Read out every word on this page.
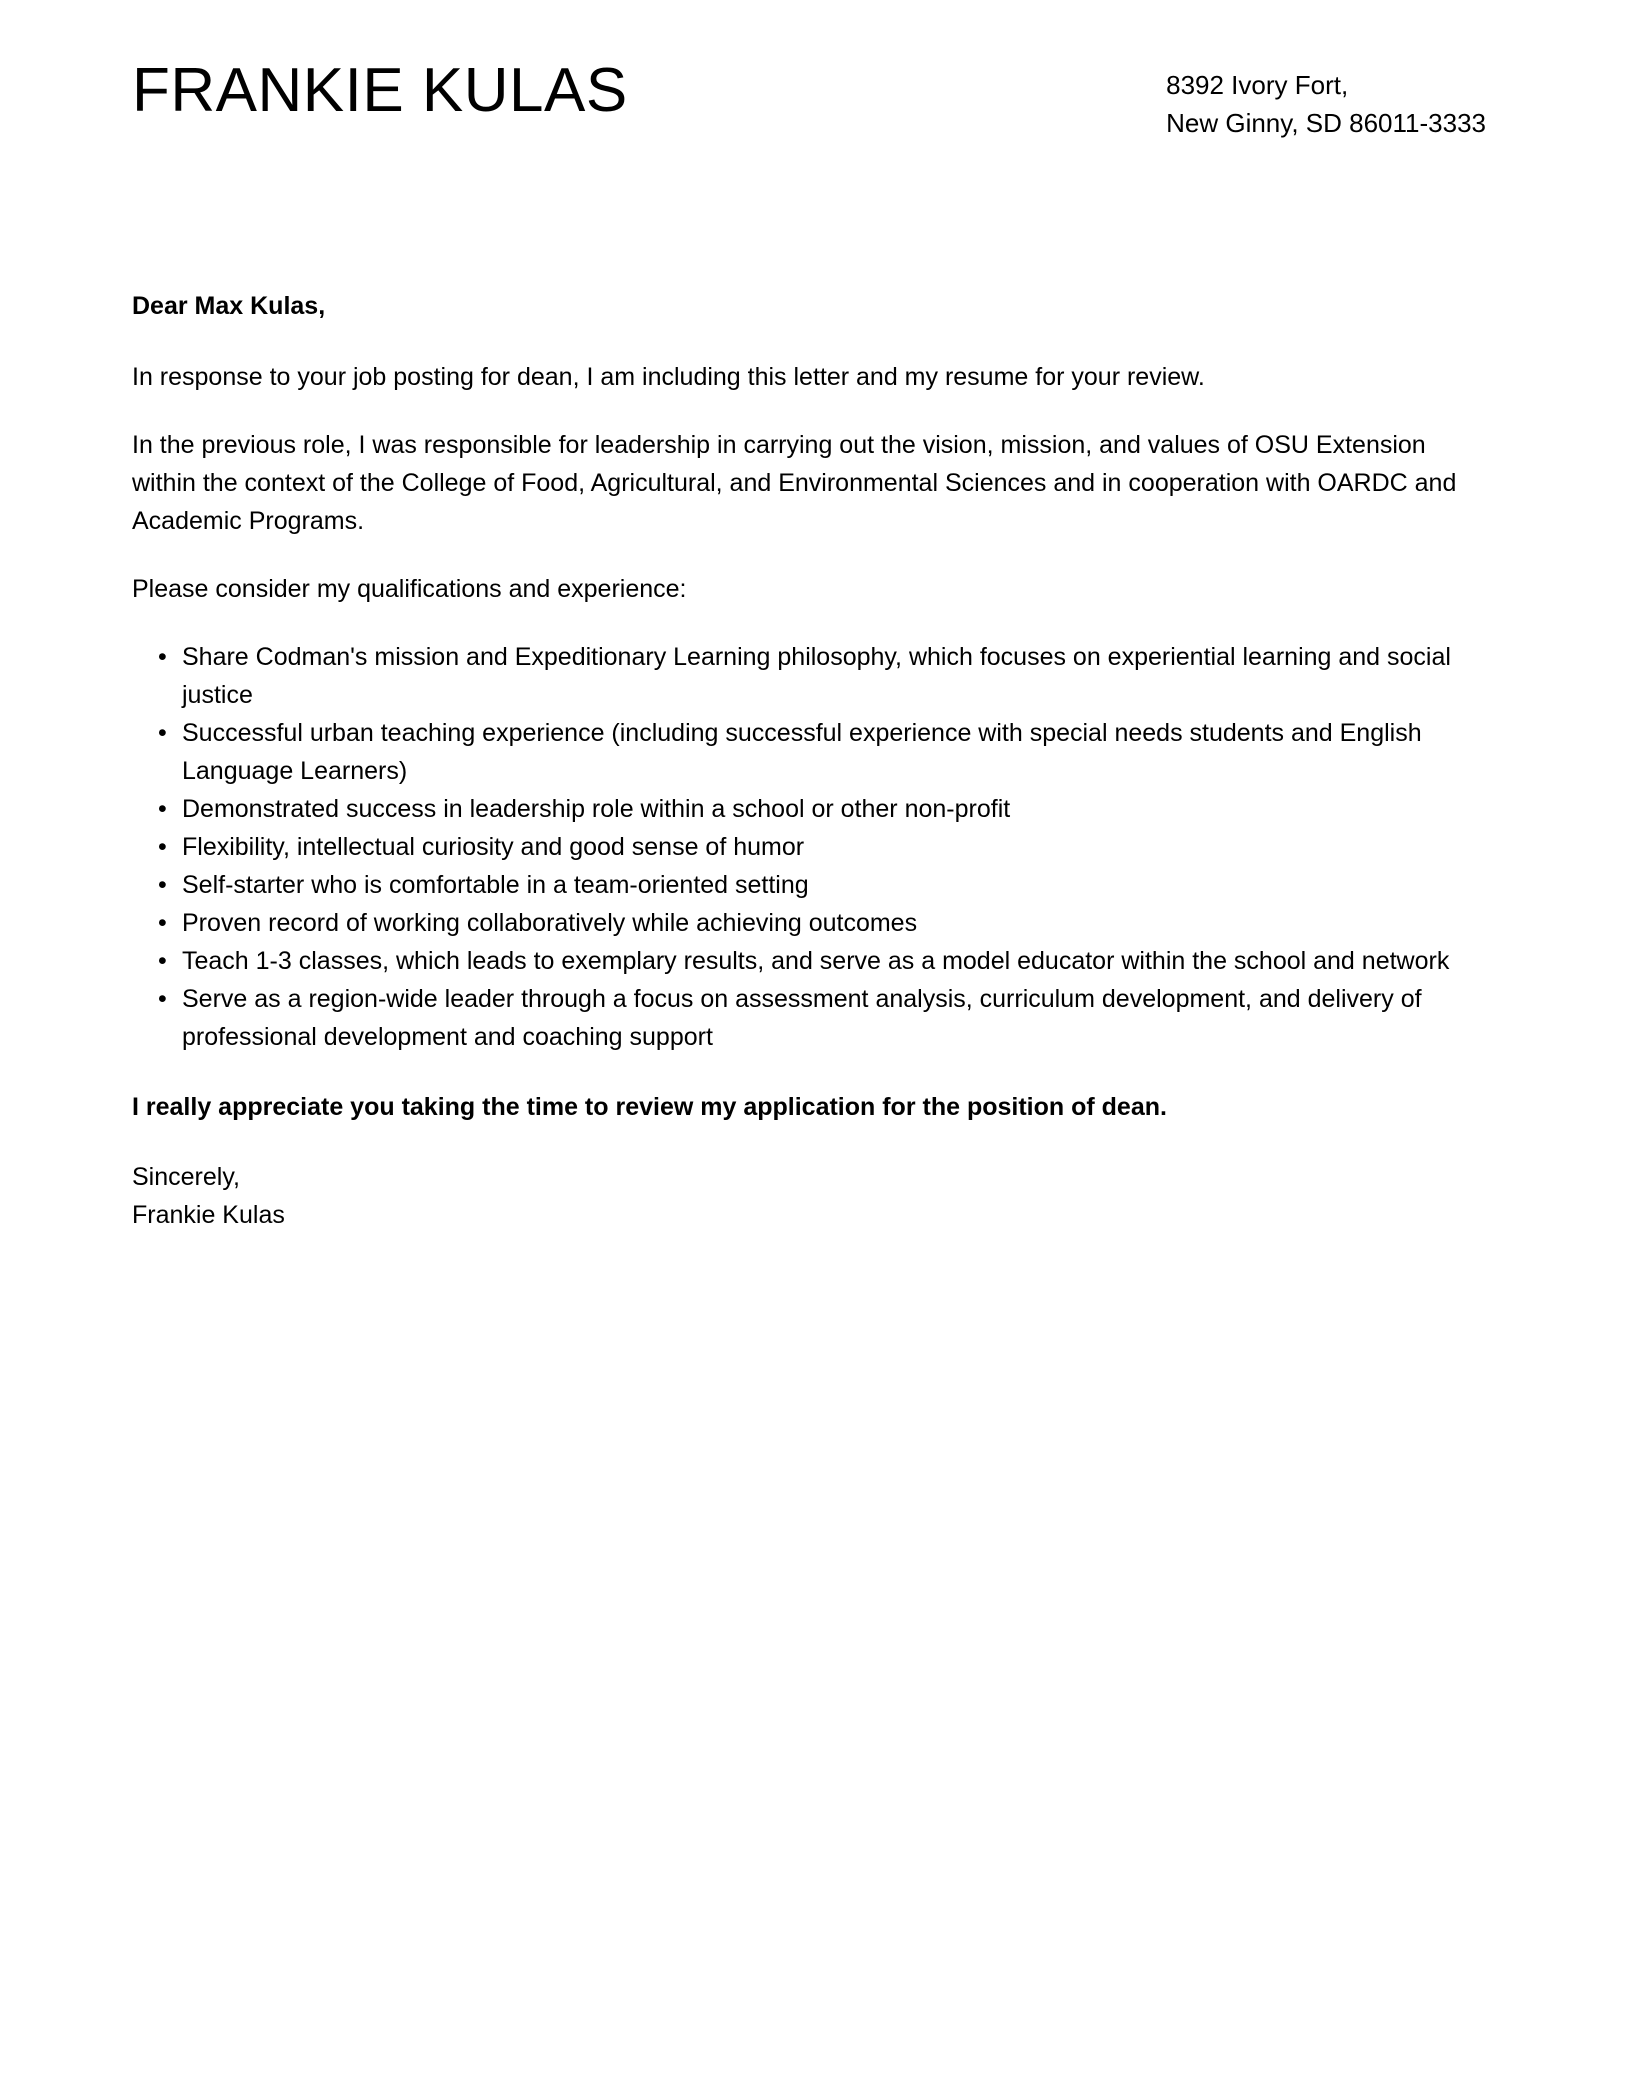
FRANKIE KULAS	8392 Ivory Fort,
New Ginny, SD 86011-3333

Dear Max Kulas,

In response to your job posting for dean, I am including this letter and my resume for your review.

In the previous role, I was responsible for leadership in carrying out the vision, mission, and values of OSU Extension within the context of the College of Food, Agricultural, and Environmental Sciences and in cooperation with OARDC and Academic Programs.

Please consider my qualifications and experience:

• Share Codman's mission and Expeditionary Learning philosophy, which focuses on experiential learning and social justice
• Successful urban teaching experience (including successful experience with special needs students and English Language Learners)
• Demonstrated success in leadership role within a school or other non-profit
• Flexibility, intellectual curiosity and good sense of humor
• Self-starter who is comfortable in a team-oriented setting
• Proven record of working collaboratively while achieving outcomes
• Teach 1-3 classes, which leads to exemplary results, and serve as a model educator within the school and network
• Serve as a region-wide leader through a focus on assessment analysis, curriculum development, and delivery of professional development and coaching support

I really appreciate you taking the time to review my application for the position of dean.

Sincerely,
Frankie Kulas
